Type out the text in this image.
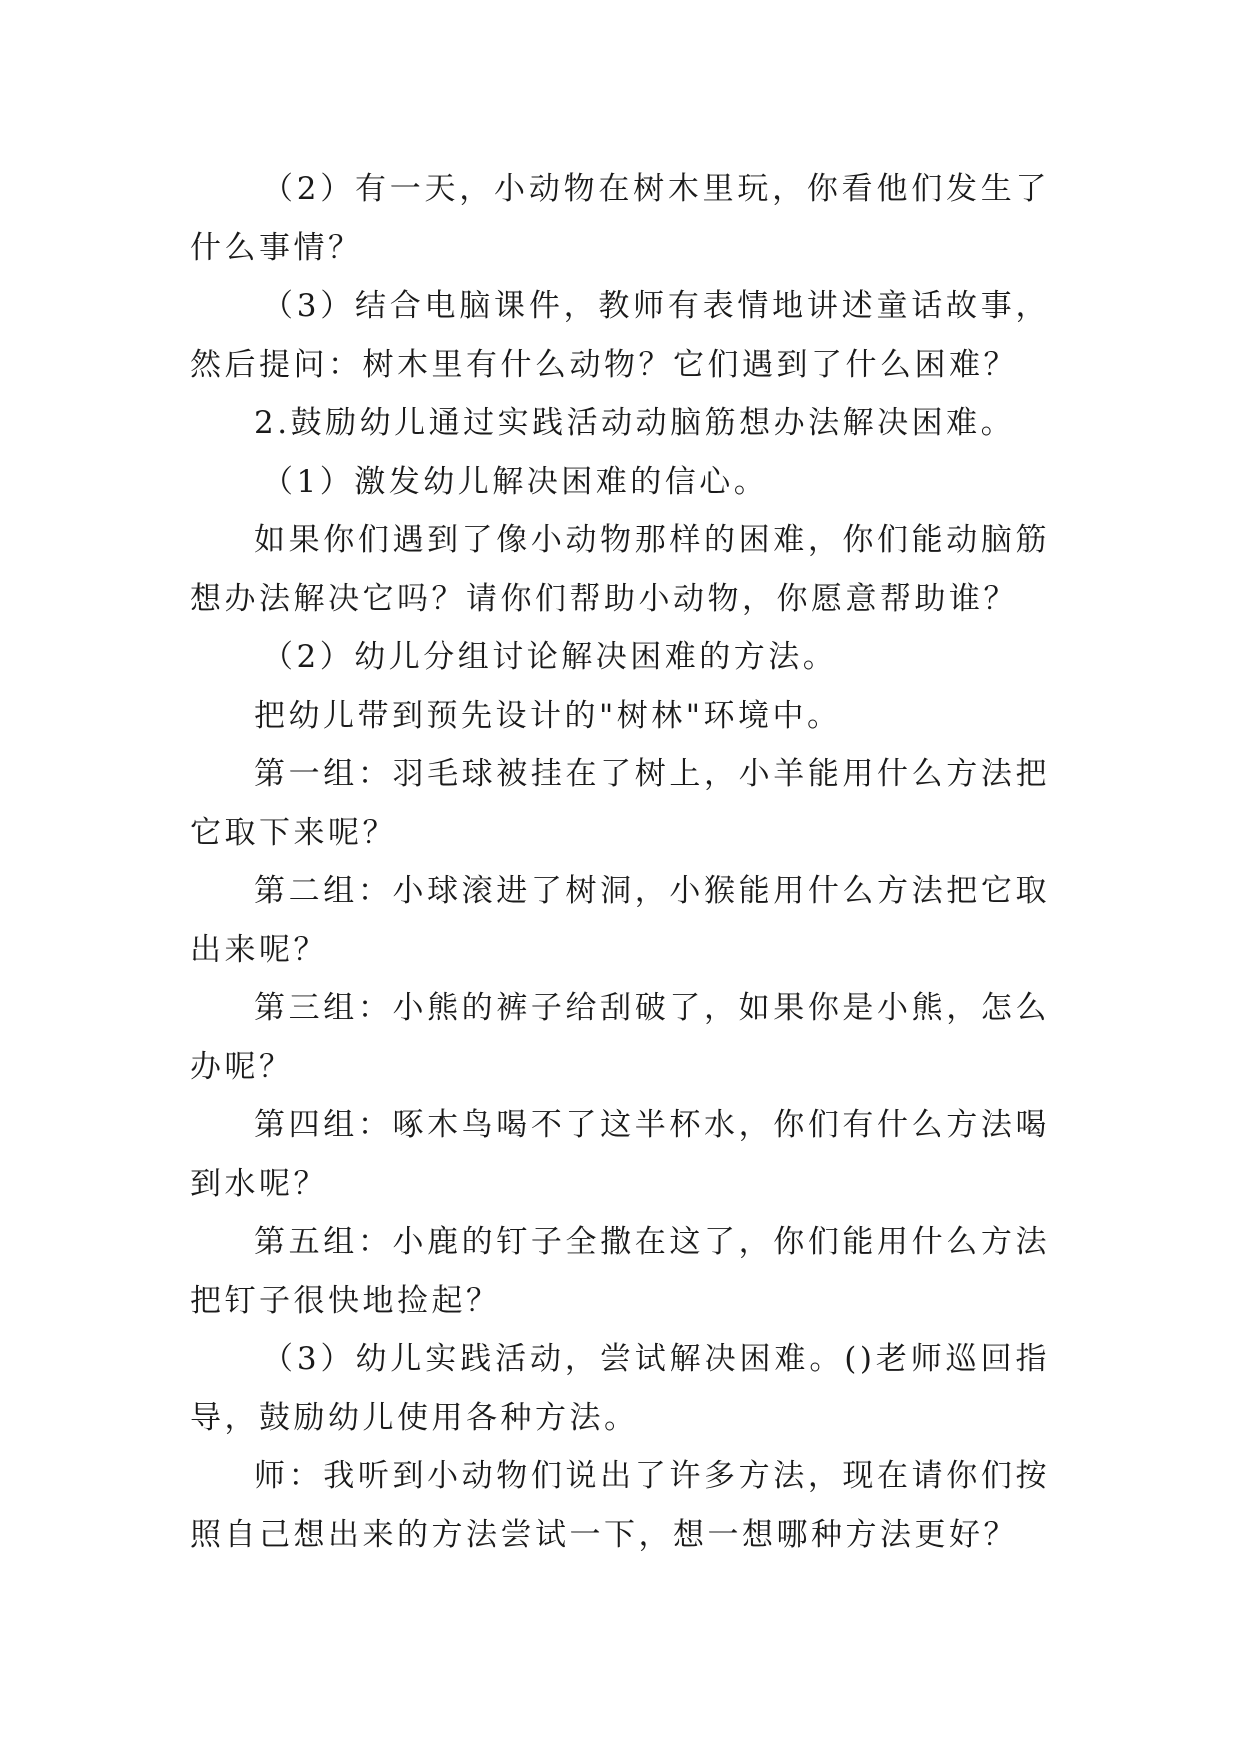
（2）有一天，小动物在树木里玩，你看他们发生了什么事情？

（3）结合电脑课件，教师有表情地讲述童话故事，然后提问：树木里有什么动物？它们遇到了什么困难？

2.鼓励幼儿通过实践活动动脑筋想办法解决困难。

（1）激发幼儿解决困难的信心。

如果你们遇到了像小动物那样的困难，你们能动脑筋想办法解决它吗？请你们帮助小动物，你愿意帮助谁？

（2）幼儿分组讨论解决困难的方法。

把幼儿带到预先设计的"树林"环境中。

第一组：羽毛球被挂在了树上，小羊能用什么方法把它取下来呢？

第二组：小球滚进了树洞，小猴能用什么方法把它取出来呢？

第三组：小熊的裤子给刮破了，如果你是小熊，怎么办呢？

第四组：啄木鸟喝不了这半杯水，你们有什么方法喝到水呢？

第五组：小鹿的钉子全撒在这了，你们能用什么方法把钉子很快地捡起？

（3）幼儿实践活动，尝试解决困难。()老师巡回指导，鼓励幼儿使用各种方法。

师：我听到小动物们说出了许多方法，现在请你们按照自己想出来的方法尝试一下，想一想哪种方法更好？
